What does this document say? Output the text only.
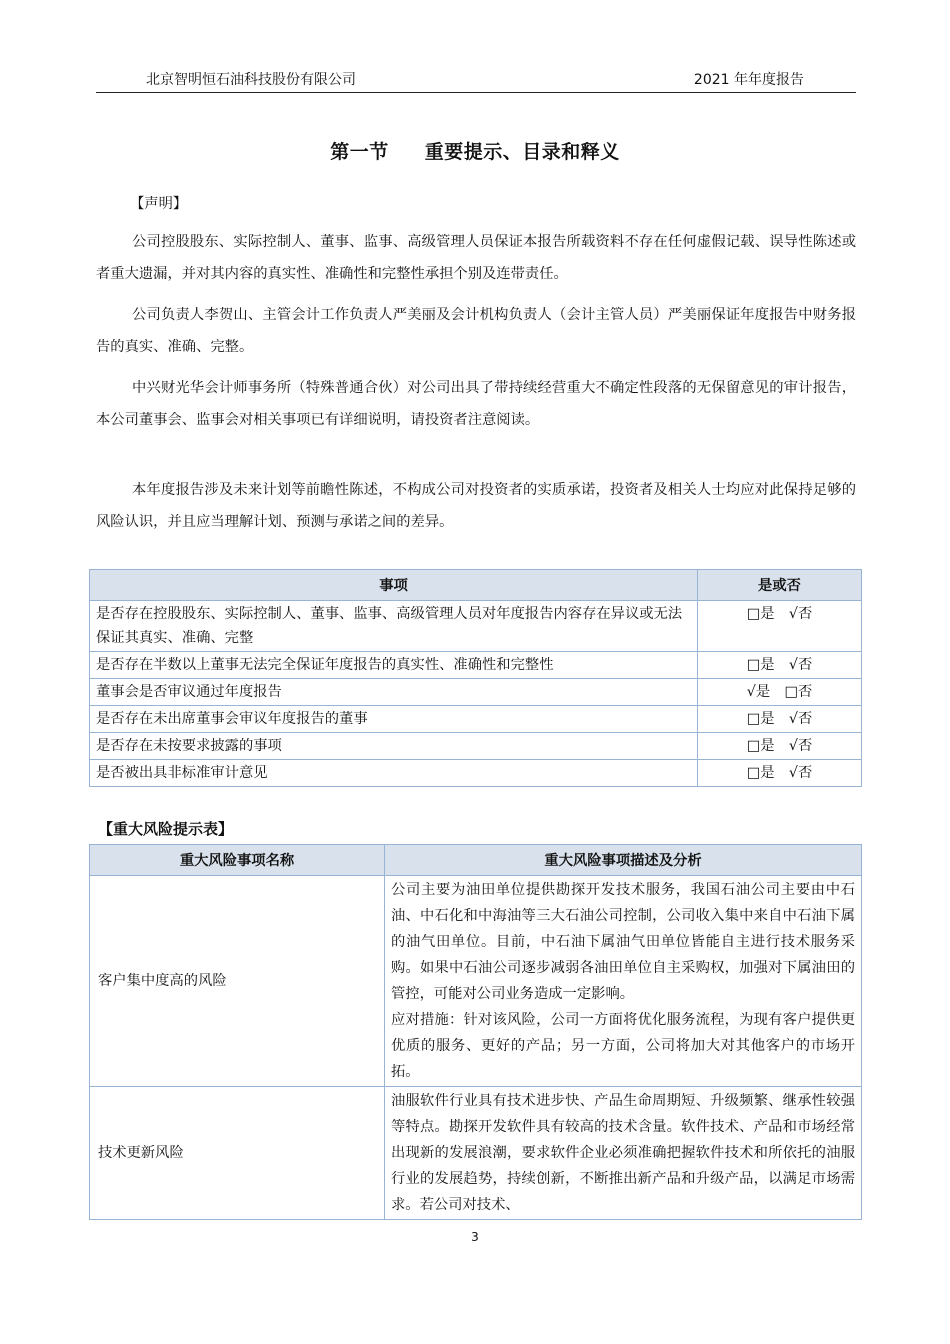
北京智明恒石油科技股份有限公司	2021 年年度报告
第一节 重要提示、目录和释义
【声明】
公司控股股东、实际控制人、董事、监事、高级管理人员保证本报告所载资料不存在任何虚假记载、误导性陈述或者重大遗漏，并对其内容的真实性、准确性和完整性承担个别及连带责任。
公司负责人李贺山、主管会计工作负责人严美丽及会计机构负责人（会计主管人员）严美丽保证年度报告中财务报告的真实、准确、完整。
中兴财光华会计师事务所（特殊普通合伙）对公司出具了带持续经营重大不确定性段落的无保留意见的审计报告，本公司董事会、监事会对相关事项已有详细说明，请投资者注意阅读。
本年度报告涉及未来计划等前瞻性陈述，不构成公司对投资者的实质承诺，投资者及相关人士均应对此保持足够的风险认识，并且应当理解计划、预测与承诺之间的差异。
事项	是或否
是否存在控股股东、实际控制人、董事、监事、高级管理人员对年度报告内容存在异议或无法保证其真实、准确、完整	□是　√否
是否存在半数以上董事无法完全保证年度报告的真实性、准确性和完整性	□是　√否
董事会是否审议通过年度报告	√是　□否
是否存在未出席董事会审议年度报告的董事	□是　√否
是否存在未按要求披露的事项	□是　√否
是否被出具非标准审计意见	□是　√否
【重大风险提示表】
重大风险事项名称	重大风险事项描述及分析
客户集中度高的风险	公司主要为油田单位提供勘探开发技术服务，我国石油公司主要由中石油、中石化和中海油等三大石油公司控制，公司收入集中来自中石油下属的油气田单位。目前，中石油下属油气田单位皆能自主进行技术服务采购。如果中石油公司逐步减弱各油田单位自主采购权，加强对下属油田的管控，可能对公司业务造成一定影响。
应对措施：针对该风险，公司一方面将优化服务流程，为现有客户提供更优质的服务、更好的产品；另一方面，公司将加大对其他客户的市场开拓。

技术更新风险	油服软件行业具有技术进步快、产品生命周期短、升级频繁、继承性较强等特点。勘探开发软件具有较高的技术含量。软件技术、产品和市场经常出现新的发展浪潮，要求软件企业必须准确把握软件技术和所依托的油服行业的发展趋势，持续创新，不断推出新产品和升级产品，以满足市场需求。若公司对技术、
3
